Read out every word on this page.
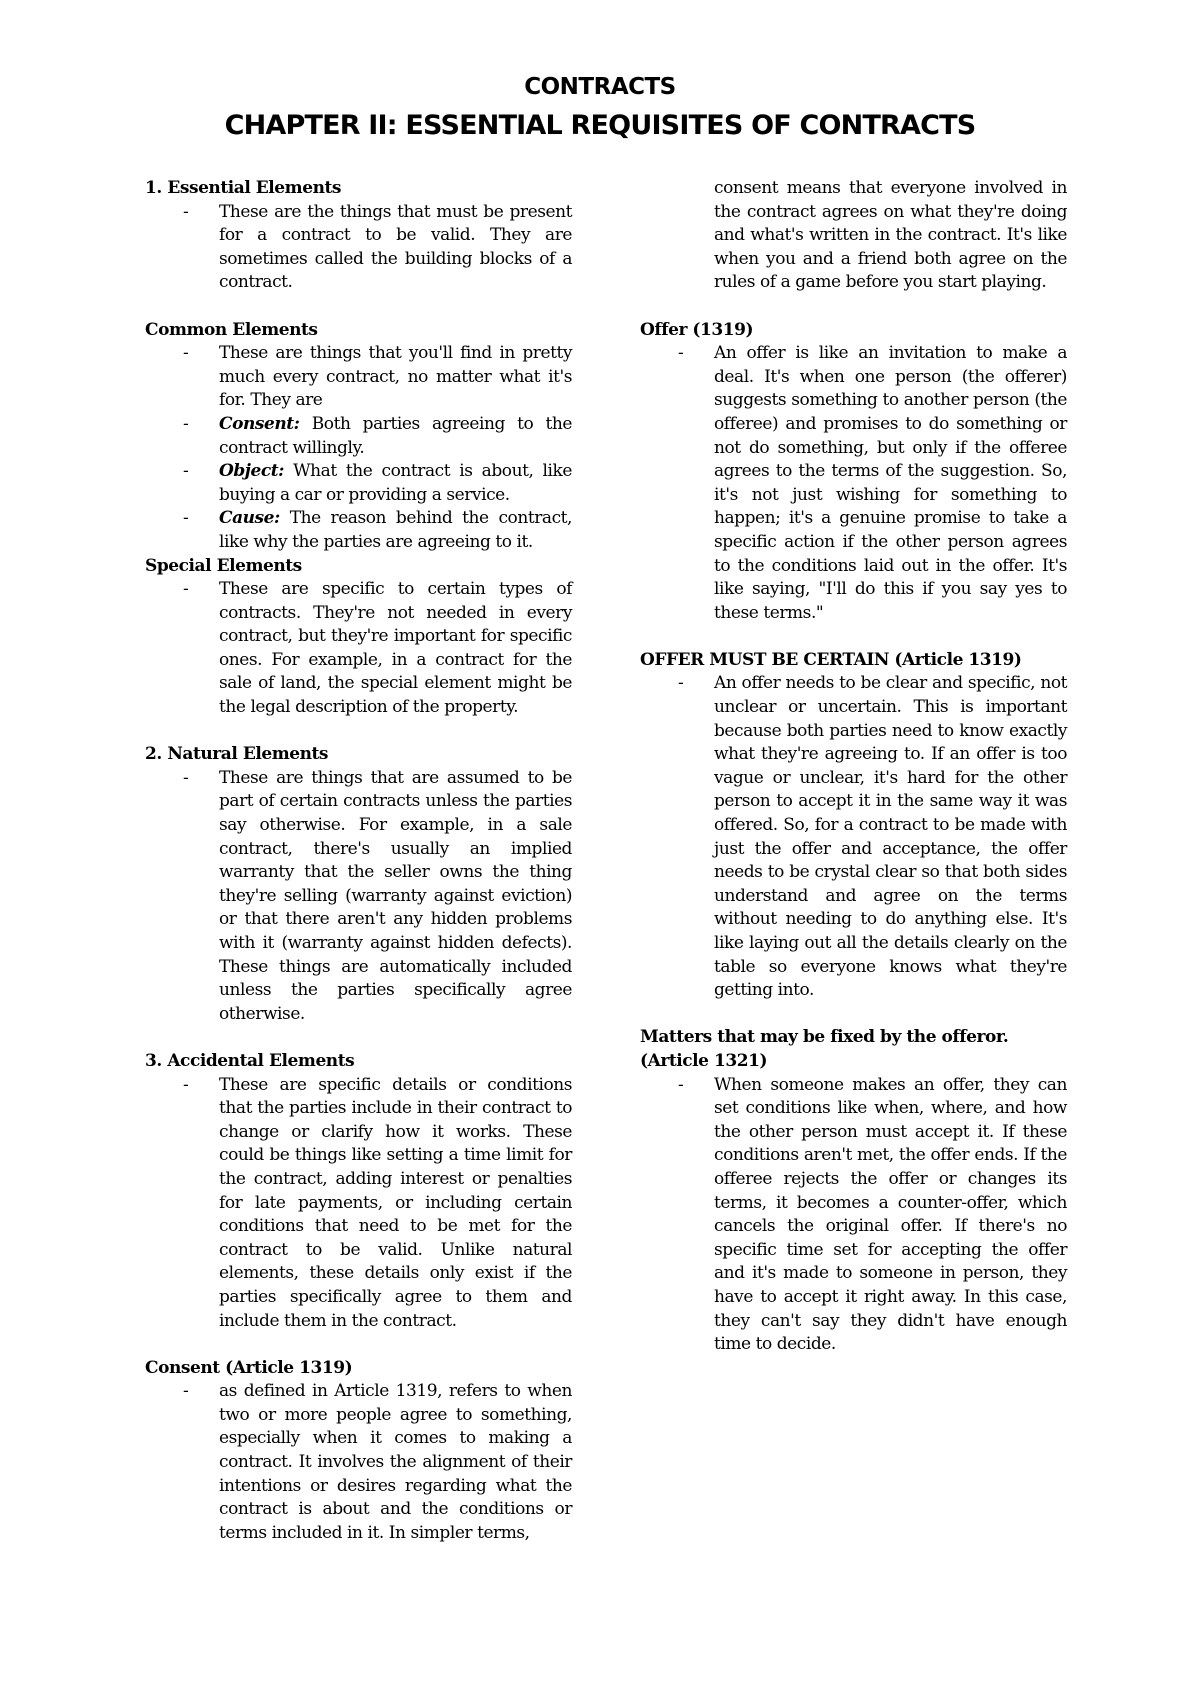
CONTRACTS
CHAPTER II: ESSENTIAL REQUISITES OF CONTRACTS

1. Essential Elements

- These are the things that must be present for a contract to be valid. They are sometimes called the building blocks of a contract.

Common Elements

- These are things that you'll find in pretty much every contract, no matter what it's for. They are

- Consent: Both parties agreeing to the contract willingly.

- Object: What the contract is about, like buying a car or providing a service.

- Cause: The reason behind the contract, like why the parties are agreeing to it.

Special Elements

- These are specific to certain types of contracts. They're not needed in every contract, but they're important for specific ones. For example, in a contract for the sale of land, the special element might be the legal description of the property.

2. Natural Elements

- These are things that are assumed to be part of certain contracts unless the parties say otherwise. For example, in a sale contract, there's usually an implied warranty that the seller owns the thing they're selling (warranty against eviction) or that there aren't any hidden problems with it (warranty against hidden defects). These things are automatically included unless the parties specifically agree otherwise.

3. Accidental Elements

- These are specific details or conditions that the parties include in their contract to change or clarify how it works. These could be things like setting a time limit for the contract, adding interest or penalties for late payments, or including certain conditions that need to be met for the contract to be valid. Unlike natural elements, these details only exist if the parties specifically agree to them and include them in the contract.

Consent (Article 1319)

- as defined in Article 1319, refers to when two or more people agree to something, especially when it comes to making a contract. It involves the alignment of their intentions or desires regarding what the contract is about and the conditions or terms included in it. In simpler terms,

consent means that everyone involved in the contract agrees on what they're doing and what's written in the contract. It's like when you and a friend both agree on the rules of a game before you start playing.

Offer (1319)

- An offer is like an invitation to make a deal. It's when one person (the offerer) suggests something to another person (the offeree) and promises to do something or not do something, but only if the offeree agrees to the terms of the suggestion. So, it's not just wishing for something to happen; it's a genuine promise to take a specific action if the other person agrees to the conditions laid out in the offer. It's like saying, "I'll do this if you say yes to these terms."

OFFER MUST BE CERTAIN (Article 1319)

- An offer needs to be clear and specific, not unclear or uncertain. This is important because both parties need to know exactly what they're agreeing to. If an offer is too vague or unclear, it's hard for the other person to accept it in the same way it was offered. So, for a contract to be made with just the offer and acceptance, the offer needs to be crystal clear so that both sides understand and agree on the terms without needing to do anything else. It's like laying out all the details clearly on the table so everyone knows what they're getting into.

Matters that may be fixed by the offeror. (Article 1321)

- When someone makes an offer, they can set conditions like when, where, and how the other person must accept it. If these conditions aren't met, the offer ends. If the offeree rejects the offer or changes its terms, it becomes a counter-offer, which cancels the original offer. If there's no specific time set for accepting the offer and it's made to someone in person, they have to accept it right away. In this case, they can't say they didn't have enough time to decide.
